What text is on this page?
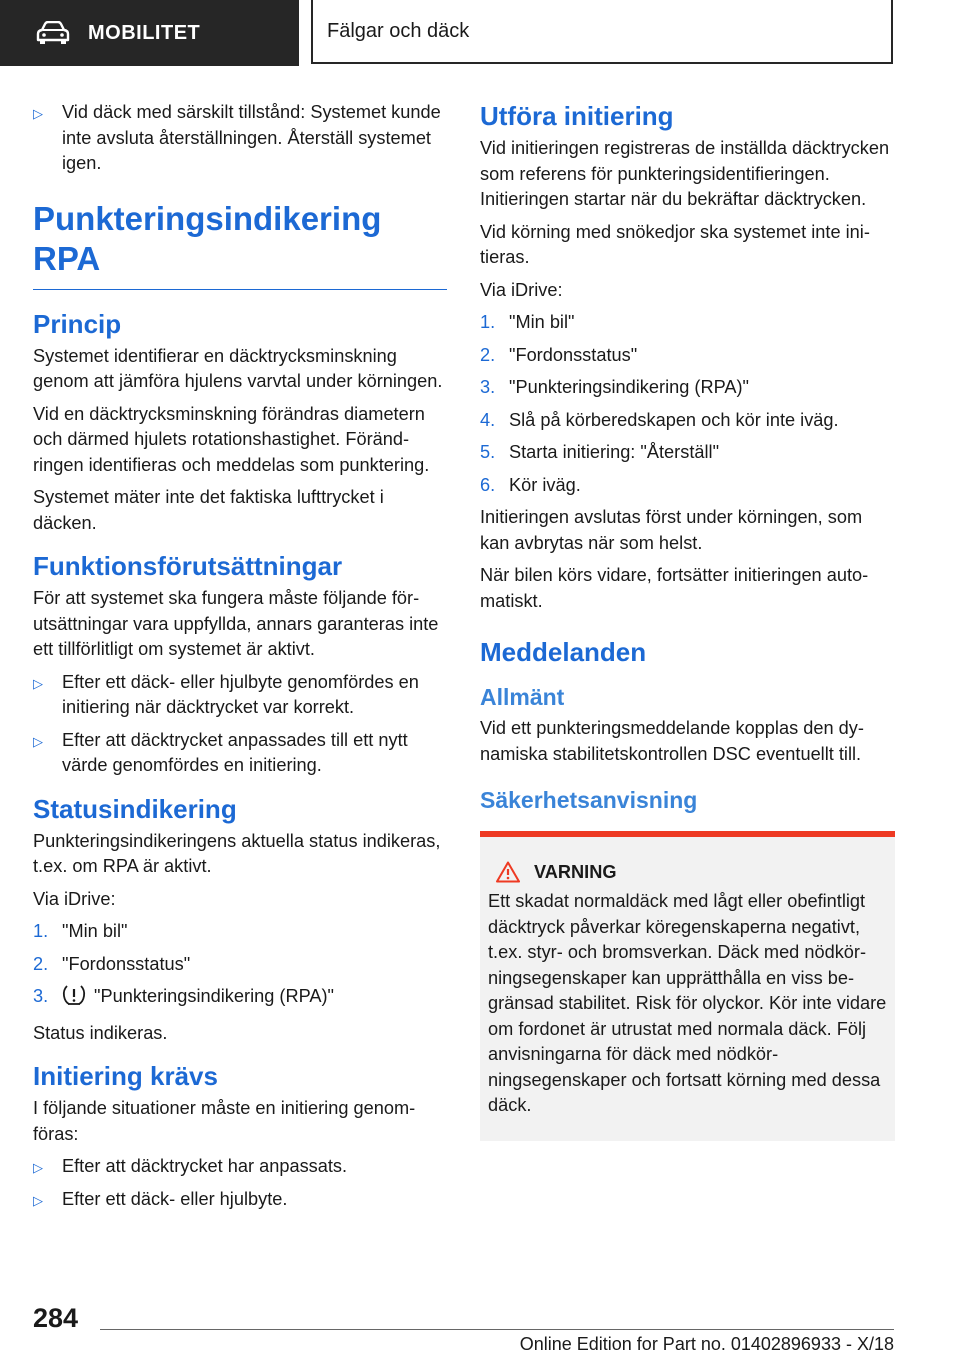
MOBILITET	Fälgar och däck
▷ Vid däck med särskilt tillstånd: Systemet kunde inte avsluta återställningen. Återställ systemet igen.
Punkteringsindikering RPA
Princip

Systemet identifierar en däcktrycksminskning genom att jämföra hjulens varvtal under körningen.

Vid en däcktrycksminskning förändras diametern och därmed hjulets rotationshastighet. Förändringen identifieras och meddelas som punktering.

Systemet mäter inte det faktiska lufttrycket i däcken.

Funktionsförutsättningar

För att systemet ska fungera måste följande förutsättningar vara uppfyllda, annars garanteras inte ett tillförlitligt om systemet är aktivt.

▷ Efter ett däck- eller hjulbyte genomfördes en initiering när däcktrycket var korrekt.
▷ Efter att däcktrycket anpassades till ett nytt värde genomfördes en initiering.
Statusindikering

Punkteringsindikeringens aktuella status indikeras, t.ex. om RPA är aktivt.

Via iDrive:

1. "Min bil"
2. "Fordonsstatus"
3.	"Punkteringsindikering (RPA)"

Status indikeras.

Initiering krävs

I följande situationer måste en initiering genomföras:

▷ Efter att däcktrycket har anpassats.
▷ Efter ett däck- eller hjulbyte.
Utföra initiering

Vid initieringen registreras de inställda däcktrycken som referens för punkteringsidentifieringen. Initieringen startar när du bekräftar däcktrycken.

Vid körning med snökedjor ska systemet inte initieras.

Via iDrive:

1. "Min bil"
2. "Fordonsstatus"
3. "Punkteringsindikering (RPA)"
4. Slå på körberedskapen och kör inte iväg.
5. Starta initiering: "Återställ"
6. Kör iväg.

Initieringen avslutas först under körningen, som kan avbrytas när som helst.

När bilen körs vidare, fortsätter initieringen automatiskt.

Meddelanden
Allmänt

Vid ett punkteringsmeddelande kopplas den dynamiska stabilitetskontrollen DSC eventuellt till.

Säkerhetsanvisning
VARNING

Ett skadat normaldäck med lågt eller obefintligt däcktryck påverkar köregenskaperna negativt, t.ex. styr- och bromsverkan. Däck med nödkörningsegenskaper kan upprätthålla en viss begränsad stabilitet. Risk för olyckor. Kör inte vidare om fordonet är utrustat med normala däck. Följ anvisningarna för däck med nödkörningsegenskaper och fortsatt körning med dessa däck.

284
Online Edition for Part no. 01402896933 - X/18
